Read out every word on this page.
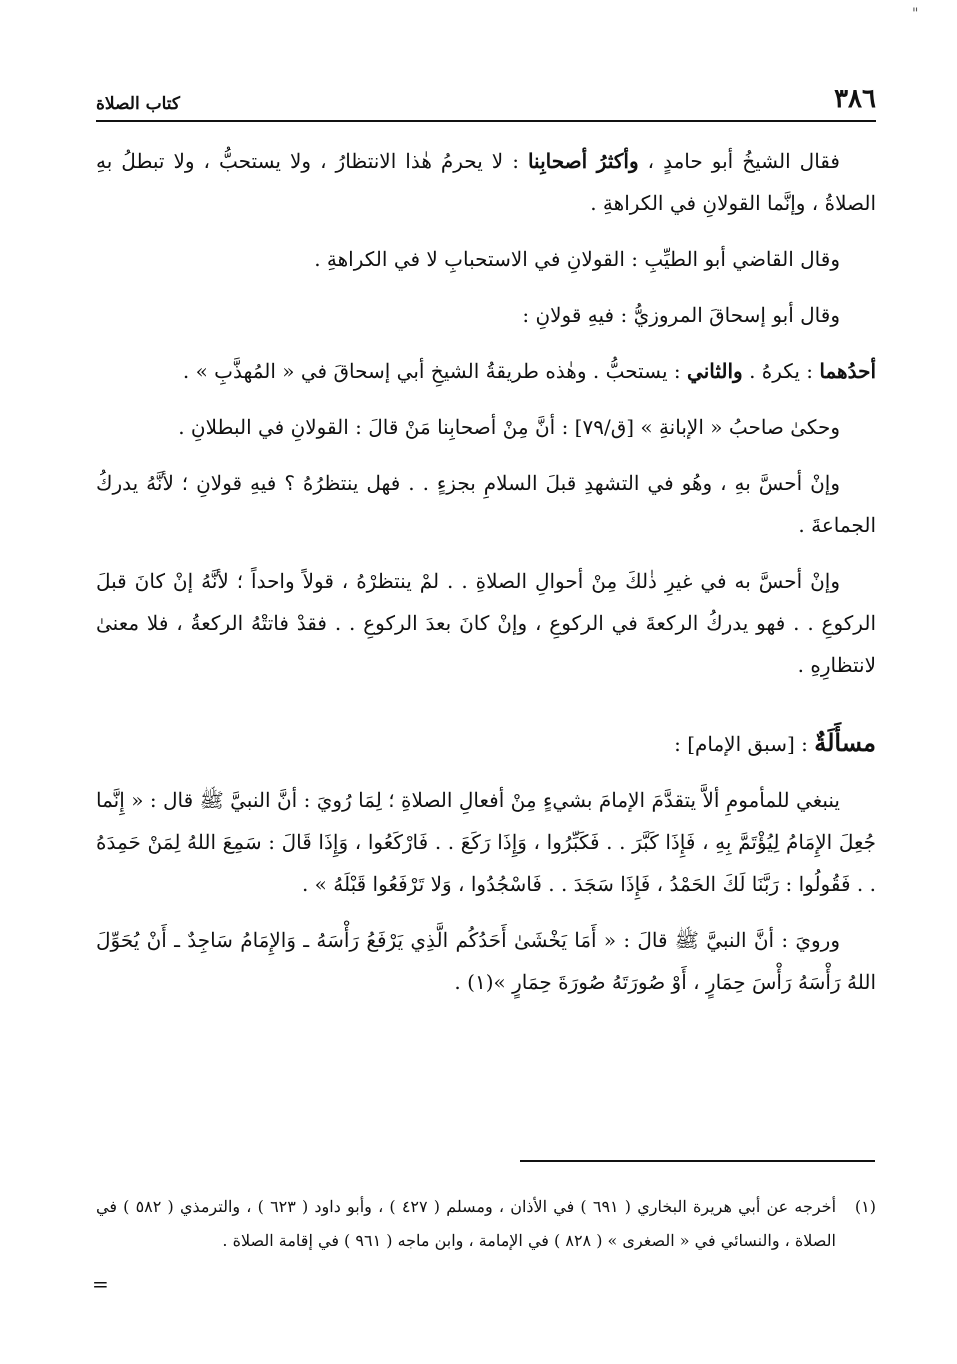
"
كتاب الصلاة	٣٨٦

فقال الشيخُ أبو حامدٍ ، وأكثرُ أصحابِنا : لا يحرمُ هٰذا الانتظارُ ، ولا يستحبُّ ، ولا تبطلُ بهِ الصلاةُ ، وإنَّما القولانِ في الكراهةِ .

وقال القاضي أبو الطيِّبِ : القولانِ في الاستحبابِ لا في الكراهةِ .

وقال أبو إسحاقَ المروزيُّ : فيهِ قولانِ :

أحدُهما : يكرهُ . والثاني : يستحبُّ . وهٰذه طريقةُ الشيخِ أبي إسحاقَ في « المُهذَّبِ » .

وحكىٰ صاحبُ « الإبانةِ » [ق/٧٩] : أنَّ مِنْ أصحابِنا مَنْ قالَ : القولانِ في البطلانِ .

وإنْ أحسَّ بهِ ، وهُو في التشهدِ قبلَ السلامِ بجزءٍ . . فهل ينتظرُهُ ؟ فيهِ قولانِ ؛ لأنَّهُ يدركُ الجماعةَ .

وإنْ أحسَّ به في غيرِ ذٰلكَ مِنْ أحوالِ الصلاةِ . . لمْ ينتظرْهُ ، قولاً واحداً ؛ لأنَّهُ إنْ كانَ قبلَ الركوعِ . . فهو يدركُ الركعةَ في الركوعِ ، وإنْ كانَ بعدَ الركوعِ . . فقدْ فاتتْهُ الركعةُ ، فلا معنىٰ لانتظارِهِ .

مسأَلَةٌ : [سبق الإمام] :

ينبغي للمأمومِ ألاَّ يتقدَّمَ الإمامَ بشيءٍ مِنْ أفعالِ الصلاةِ ؛ لِمَا رُويَ : أنَّ النبيَّ ﷺ قال : « إِنَّما جُعِلَ الإِمَامُ لِيُؤْتَمَّ بِهِ ، فَإِذَا كَبَّرَ . . فَكَبِّرُوا ، وَإِذَا رَكَعَ . . فَارْكَعُوا ، وَإِذَا قَالَ : سَمِعَ اللهُ لِمَنْ حَمِدَهُ . . فَقُولُوا : رَبَّنَا لَكَ الحَمْدُ ، فَإِذَا سَجَدَ . . فَاسْجُدُوا ، وَلا تَرْفَعُوا قَبْلَهُ » .

ورويَ : أنَّ النبيَّ ﷺ قالَ : « أَمَا يَخْشَىٰ أَحَدُكُم الَّذِي يَرْفَعُ رَأْسَهُ ـ وَالإِمَامُ سَاجِدٌ ـ أَنْ يُحَوِّلَ اللهُ رَأْسَهُ رَأْسَ حِمَارٍ ، أَوْ صُورَتَهُ صُورَةَ حِمَارٍ »(١) .

(١)
أخرجه عن أبي هريرة البخاري ( ٦٩١ ) في الأذان ، ومسلم ( ٤٢٧ ) ، وأبو داود ( ٦٢٣ ) ، والترمذي ( ٥٨٢ ) في الصلاة ، والنسائي في « الصغرى » ( ٨٢٨ ) في الإمامة ، وابن ماجه ( ٩٦١ ) في إقامة الصلاة .
=
